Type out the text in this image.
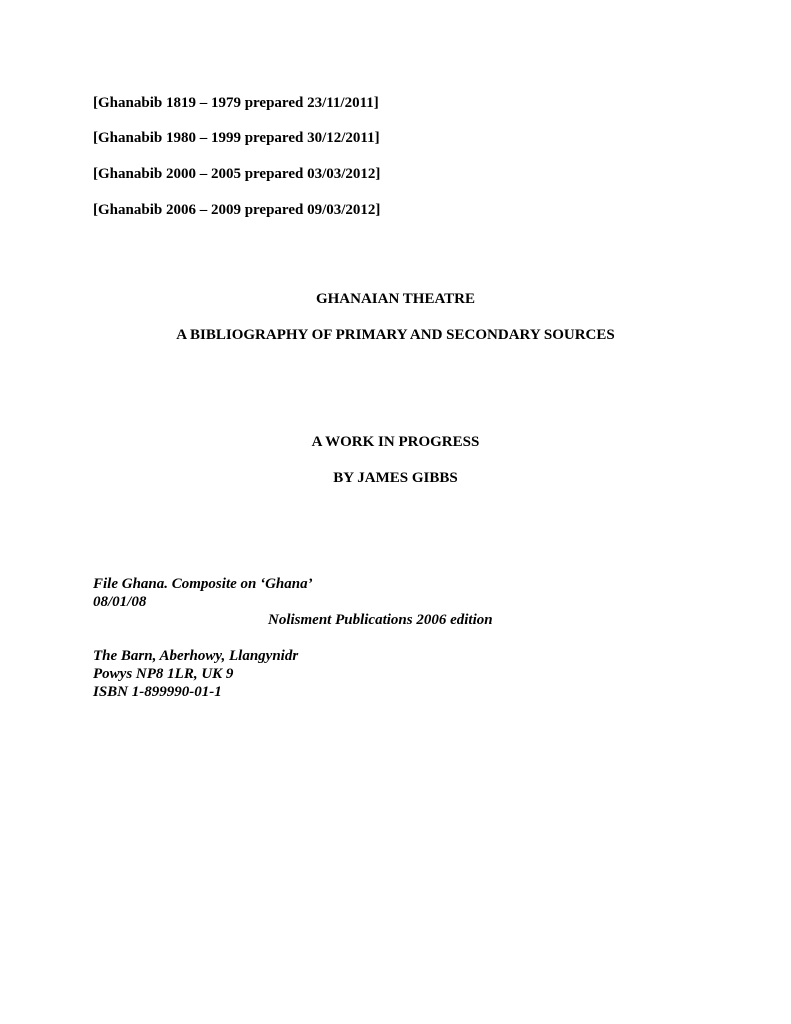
[Ghanabib 1819 – 1979 prepared 23/11/2011]
[Ghanabib 1980 – 1999 prepared 30/12/2011]
[Ghanabib 2000 – 2005 prepared 03/03/2012]
[Ghanabib 2006 – 2009 prepared 09/03/2012]
GHANAIAN THEATRE
A BIBLIOGRAPHY OF PRIMARY AND SECONDARY SOURCES
A WORK IN PROGRESS
BY JAMES GIBBS
File Ghana. Composite on ‘Ghana’
08/01/08
Nolisment Publications 2006 edition
The Barn, Aberhowy, Llangynidr
Powys NP8 1LR, UK 9
ISBN 1-899990-01-1
